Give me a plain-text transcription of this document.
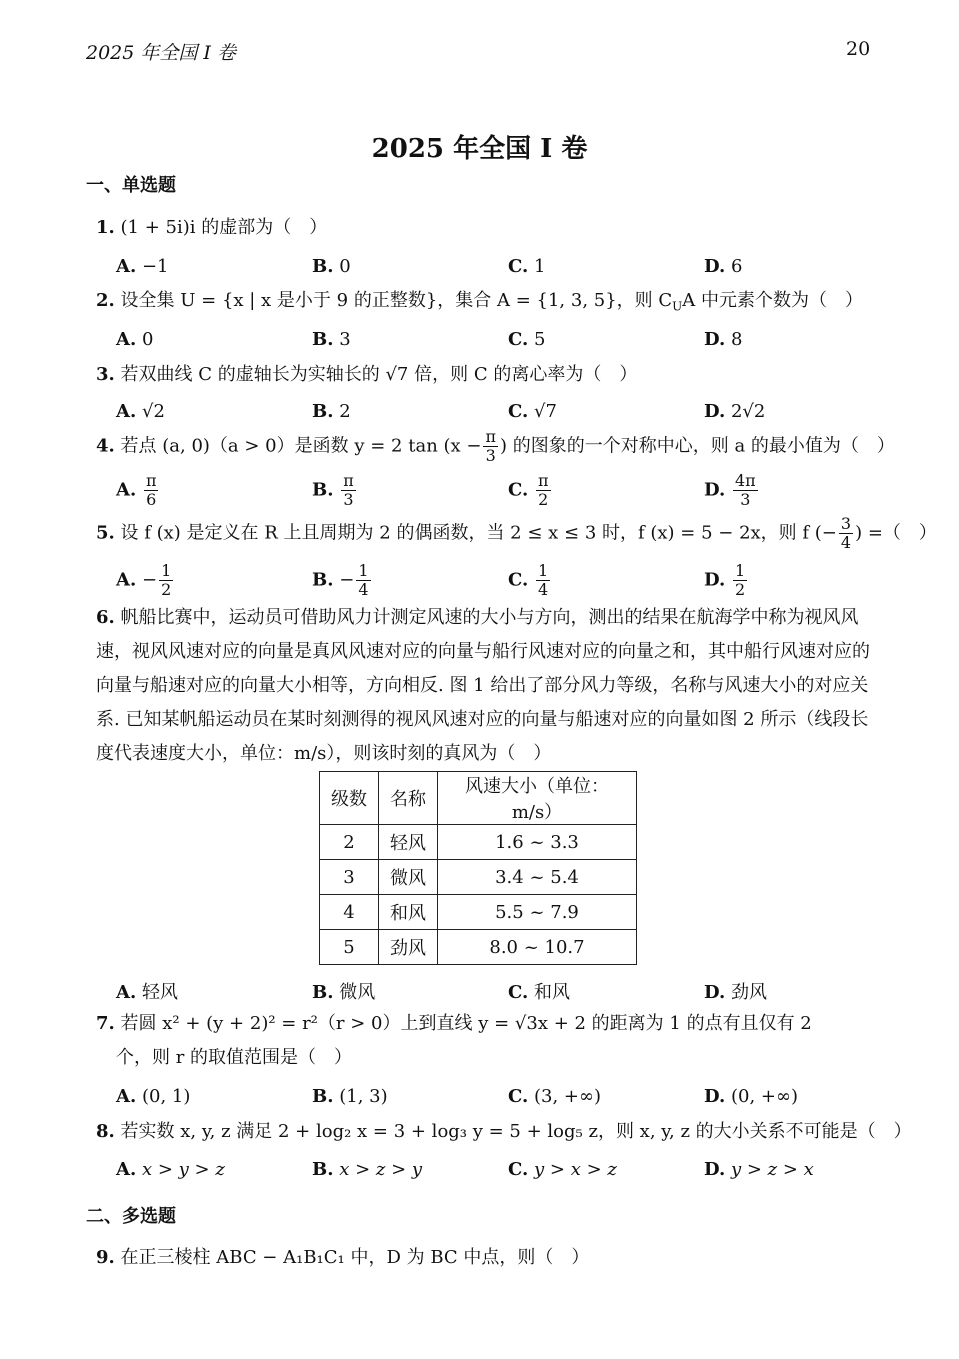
2025 年全国 I 卷	20
2025 年全国 I 卷
一、单选题
1. (1 + 5i)i 的虚部为（　）
A. −1	B. 0	C. 1	D. 6
2. 设全集 U = {x | x 是小于 9 的正整数}，集合 A = {1, 3, 5}，则 $C_UA$ 中元素个数为（　）
A. 0	B. 3	C. 5	D. 8
3. 若双曲线 C 的虚轴长为实轴长的 √7 倍，则 C 的离心率为（　）
A. √2	B. 2	C. √7	D. 2√2
4. 若点 (a, 0)（a > 0）是函数 y = 2 $\tan (x - \frac{\pi}{3}$ ) 的图象的一个对称中心，则 a 的最小值为（　）
A. $\frac{\pi}{6}$	B. $\frac{\pi}{3}$	C. $\frac{\pi}{2}$	D. $\frac{4\pi}{3}$
5. 设 f (x) 是定义在 R 上且周期为 2 的偶函数，当 2 ≤ x ≤ 3 时，f (x) = 5 − 2x，则 f (− $\frac{3}{4}$ ) =（　）
A. − $\frac{1}{2}$	B. − $\frac{1}{4}$	C. $\frac{1}{4}$	D. $\frac{1}{2}$
6. 帆船比赛中，运动员可借助风力计测定风速的大小与方向，测出的结果在航海学中称为视风风速，视风风速对应的向量是真风风速对应的向量与船行风速对应的向量之和，其中船行风速对应的向量与船速对应的向量大小相等，方向相反. 图 1 给出了部分风力等级，名称与风速大小的对应关系. 已知某帆船运动员在某时刻测得的视风风速对应的向量与船速对应的向量如图 2 所示（线段长度代表速度大小，单位：m/s），则该时刻的真风为（　）
级数	名称	风速大小（单位：m/s）
2	轻风	1.6 ~ 3.3
3	微风	3.4 ~ 5.4
4	和风	5.5 ~ 7.9
5	劲风	8.0 ~ 10.7
A. 轻风	B. 微风	C. 和风	D. 劲风
7. 若圆 x² + (y + 2)² = r²（r > 0）上到直线 y = √3x + 2 的距离为 1 的点有且仅有 2
个，则 r 的取值范围是（　）
A. (0, 1)	B. (1, 3)	C. (3, +∞)	D. (0, +∞)
8. 若实数 x, y, z 满足 2 + log₂ x = 3 + log₃ y = 5 + log₅ z，则 x, y, z 的大小关系不可能是（　）
A. x > y > z	B. x > z > y	C. y > x > z	D. y > z > x
二、多选题
9. 在正三棱柱 ABC − A₁B₁C₁ 中，D 为 BC 中点，则（　）
